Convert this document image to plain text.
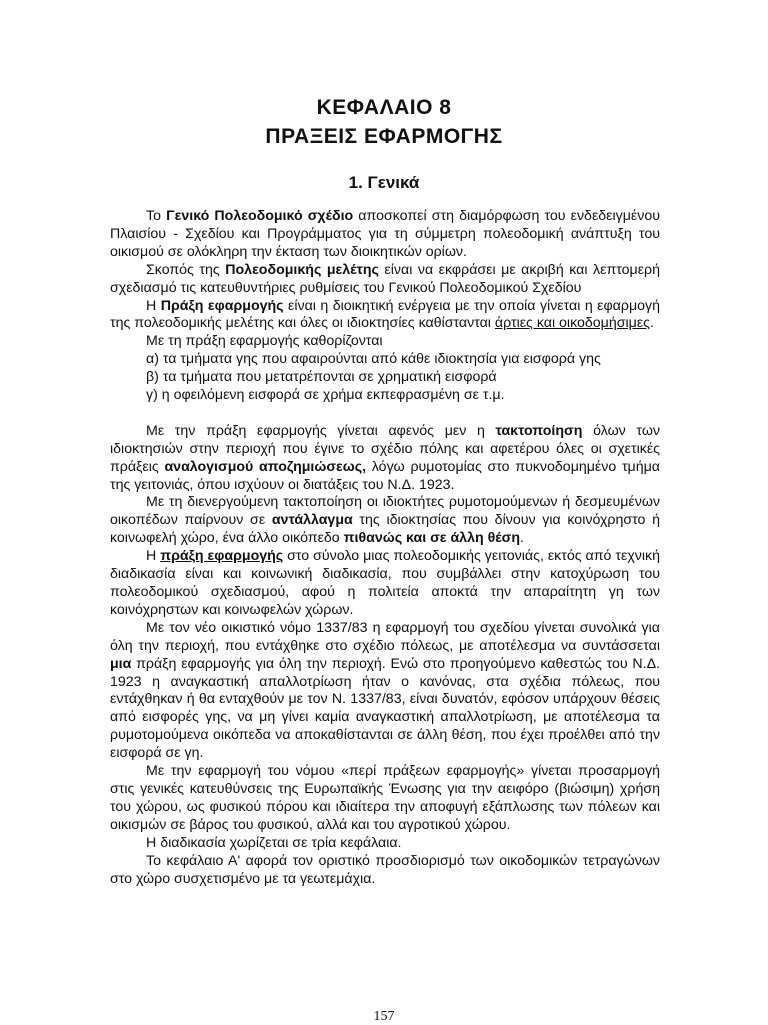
ΚΕΦΑΛΑΙΟ 8
ΠΡΑΞΕΙΣ ΕΦΑΡΜΟΓΗΣ
1. Γενικά

Το Γενικό Πολεοδομικό σχέδιο αποσκοπεί στη διαμόρφωση του ενδεδειγμένου Πλαισίου - Σχεδίου και Προγράμματος για τη σύμμετρη πολεοδομική ανάπτυξη του οικισμού σε ολόκληρη την έκταση των διοικητικών ορίων.

Σκοπός της Πολεοδομικής μελέτης είναι να εκφράσει με ακριβή και λεπτομερή σχεδιασμό τις κατευθυντήριες ρυθμίσεις του Γενικού Πολεοδομικού Σχεδίου

Η Πράξη εφαρμογής είναι η διοικητική ενέργεια με την οποία γίνεται η εφαρμογή της πολεοδομικής μελέτης και όλες οι ιδιοκτησίες καθίστανται άρτιες και οικοδομήσιμες.

Με τη πράξη εφαρμογής καθορίζονται

α) τα τμήματα γης που αφαιρούνται από κάθε ιδιοκτησία για εισφορά γης

β) τα τμήματα που μετατρέπονται σε χρηματική εισφορά

γ) η οφειλόμενη εισφορά σε χρήμα εκπεφρασμένη σε τ.μ.

Με την πράξη εφαρμογής γίνεται αφενός μεν η τακτοποίηση όλων των ιδιοκτησιών στην περιοχή που έγινε το σχέδιο πόλης και αφετέρου όλες οι σχετικές πράξεις αναλογισμού αποζημιώσεως, λόγω ρυμοτομίας στο πυκνοδομημένο τμήμα της γειτονιάς, όπου ισχύουν οι διατάξεις του Ν.Δ. 1923.

Με τη διενεργούμενη τακτοποίηση οι ιδιοκτήτες ρυμοτομούμενων ή δεσμευμένων οικοπέδων παίρνουν σε αντάλλαγμα της ιδιοκτησίας που δίνουν για κοινόχρηστο ή κοινωφελή χώρο, ένα άλλο οικόπεδο πιθανώς και σε άλλη θέση.

Η πράξη εφαρμογής στο σύνολο μιας πολεοδομικής γειτονιάς, εκτός από τεχνική διαδικασία είναι και κοινωνική διαδικασία, που συμβάλλει στην κατοχύρωση του πολεοδομικού σχεδιασμού, αφού η πολιτεία αποκτά την απαραίτητη γη των κοινόχρηστων και κοινωφελών χώρων.

Με τον νέο οικιστικό νόμο 1337/83 η εφαρμογή του σχεδίου γίνεται συνολικά για όλη την περιοχή, που εντάχθηκε στο σχέδιο πόλεως, με αποτέλεσμα να συντάσσεται μια πράξη εφαρμογής για όλη την περιοχή. Ενώ στο προηγούμενο καθεστώς του Ν.Δ. 1923 η αναγκαστική απαλλοτρίωση ήταν ο κανόνας, στα σχέδια πόλεως, που εντάχθηκαν ή θα ενταχθούν με τον Ν. 1337/83, είναι δυνατόν, εφόσον υπάρχουν θέσεις από εισφορές γης, να μη γίνει καμία αναγκαστική απαλλοτρίωση, με αποτέλεσμα τα ρυμοτομούμενα οικόπεδα να αποκαθίστανται σε άλλη θέση, που έχει προέλθει από την εισφορά σε γη.

Με την εφαρμογή του νόμου «περί πράξεων εφαρμογής» γίνεται προσαρμογή στις γενικές κατευθύνσεις της Ευρωπαϊκής Ένωσης για την αειφόρο (βιώσιμη) χρήση του χώρου, ως φυσικού πόρου και ιδιαίτερα την αποφυγή εξάπλωσης των πόλεων και οικισμών σε βάρος του φυσικού, αλλά και του αγροτικού χώρου.

Η διαδικασία χωρίζεται σε τρία κεφάλαια.

Το κεφάλαιο Α' αφορά τον οριστικό προσδιορισμό των οικοδομικών τετραγώνων στο χώρο συσχετισμένο με τα γεωτεμάχια.

157
